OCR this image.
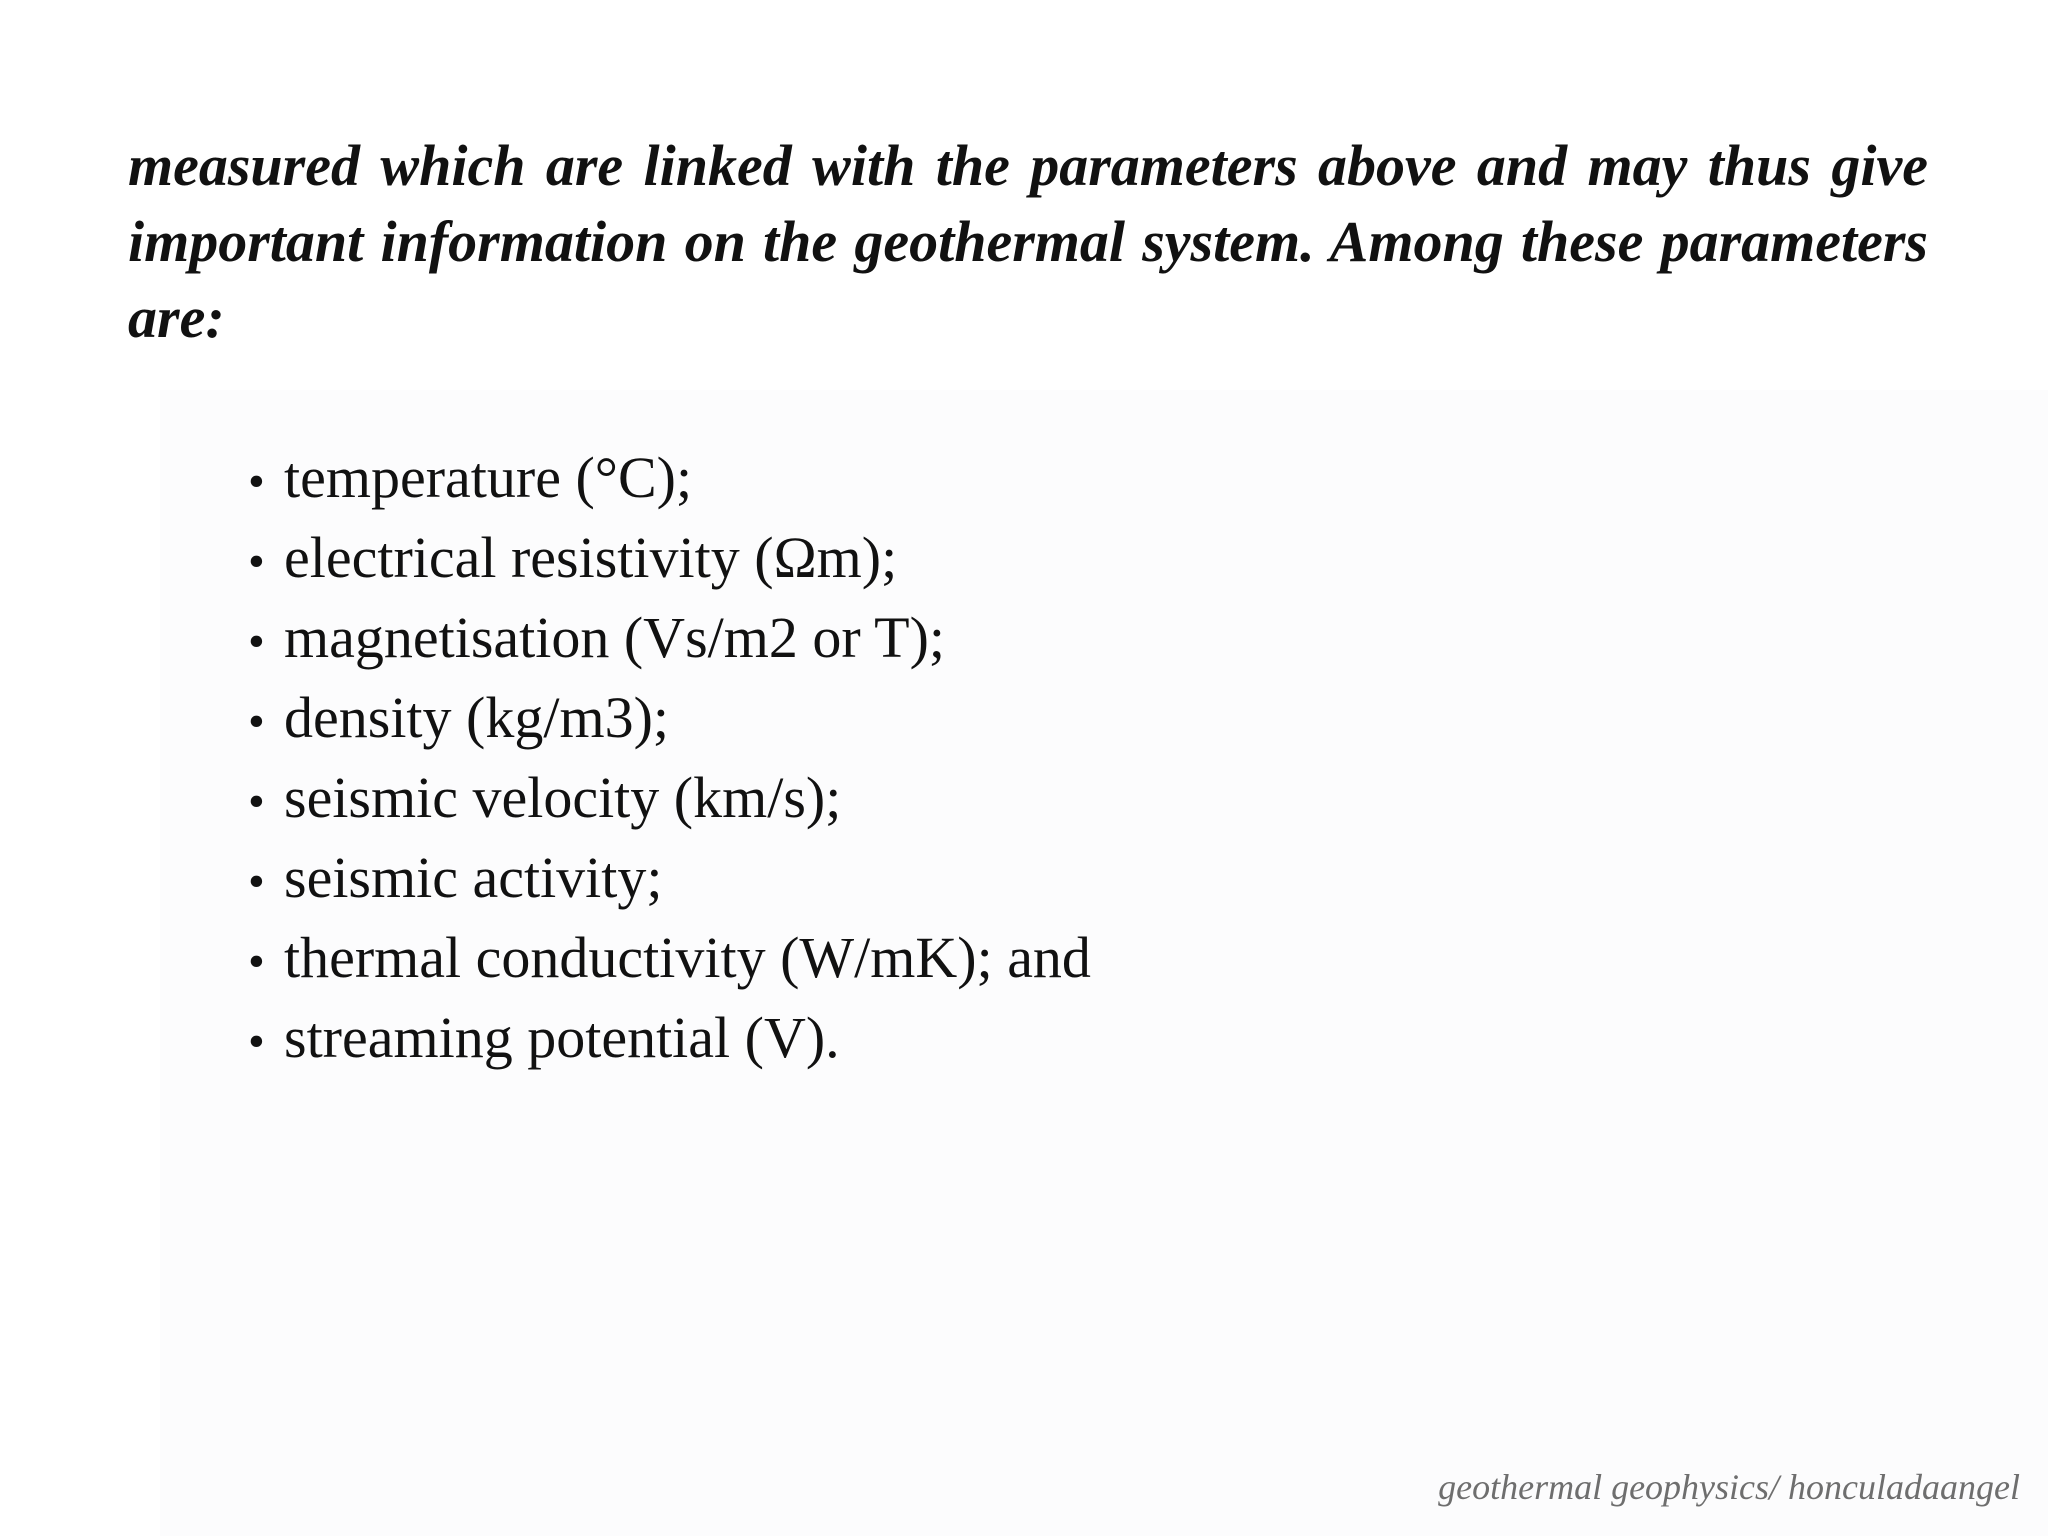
measured which are linked with the parameters above and may thus give important information on the geothermal system. Among these parameters are:

• temperature (°C);
• electrical resistivity (Ωm);
• magnetisation (Vs/m2 or T);
• density (kg/m3);
• seismic velocity (km/s);
• seismic activity;
• thermal conductivity (W/mK); and
• streaming potential (V).

geothermal geophysics/ honculadaangel
